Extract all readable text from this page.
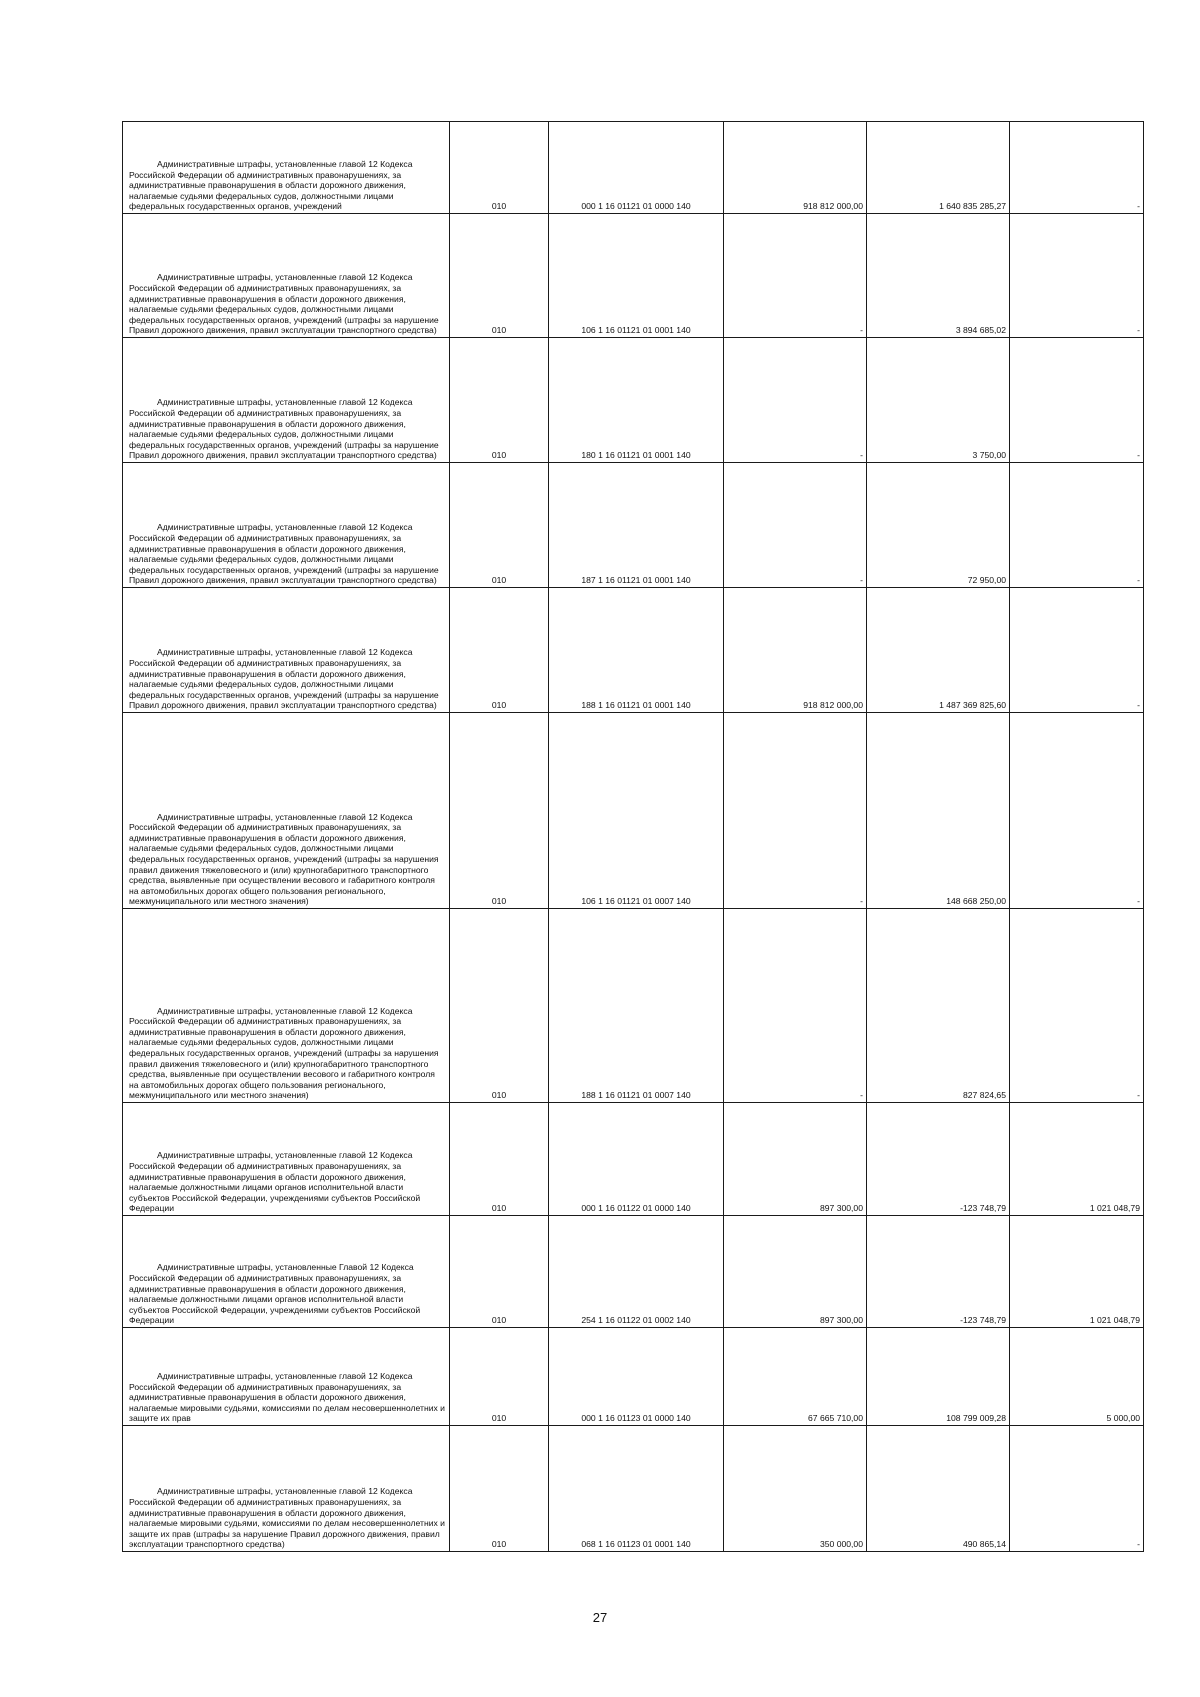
Административные штрафы, установленные главой 12 Кодекса Российской Федерации об административных правонарушениях, за административные правонарушения в области дорожного движения, налагаемые судьями федеральных судов, должностными лицами федеральных государственных органов, учреждений	010	000 1 16 01121 01 0000 140	918 812 000,00	1 640 835 285,27	-

Административные штрафы, установленные главой 12 Кодекса Российской Федерации об административных правонарушениях, за административные правонарушения в области дорожного движения, налагаемые судьями федеральных судов, должностными лицами федеральных государственных органов, учреждений (штрафы за нарушение Правил дорожного движения, правил эксплуатации транспортного средства)	010	106 1 16 01121 01 0001 140	-	3 894 685,02	-

Административные штрафы, установленные главой 12 Кодекса Российской Федерации об административных правонарушениях, за административные правонарушения в области дорожного движения, налагаемые судьями федеральных судов, должностными лицами федеральных государственных органов, учреждений (штрафы за нарушение Правил дорожного движения, правил эксплуатации транспортного средства)	010	180 1 16 01121 01 0001 140	-	3 750,00	-

Административные штрафы, установленные главой 12 Кодекса Российской Федерации об административных правонарушениях, за административные правонарушения в области дорожного движения, налагаемые судьями федеральных судов, должностными лицами федеральных государственных органов, учреждений (штрафы за нарушение Правил дорожного движения, правил эксплуатации транспортного средства)	010	187 1 16 01121 01 0001 140	-	72 950,00	-

Административные штрафы, установленные главой 12 Кодекса Российской Федерации об административных правонарушениях, за административные правонарушения в области дорожного движения, налагаемые судьями федеральных судов, должностными лицами федеральных государственных органов, учреждений (штрафы за нарушение Правил дорожного движения, правил эксплуатации транспортного средства)	010	188 1 16 01121 01 0001 140	918 812 000,00	1 487 369 825,60	-

Административные штрафы, установленные главой 12 Кодекса Российской Федерации об административных правонарушениях, за административные правонарушения в области дорожного движения, налагаемые судьями федеральных судов, должностными лицами федеральных государственных органов, учреждений (штрафы за нарушения правил движения тяжеловесного и (или) крупногабаритного транспортного средства, выявленные при осуществлении весового и габаритного контроля на автомобильных дорогах общего пользования регионального, межмуниципального или местного значения)	010	106 1 16 01121 01 0007 140	-	148 668 250,00	-

Административные штрафы, установленные главой 12 Кодекса Российской Федерации об административных правонарушениях, за административные правонарушения в области дорожного движения, налагаемые судьями федеральных судов, должностными лицами федеральных государственных органов, учреждений (штрафы за нарушения правил движения тяжеловесного и (или) крупногабаритного транспортного средства, выявленные при осуществлении весового и габаритного контроля на автомобильных дорогах общего пользования регионального, межмуниципального или местного значения)	010	188 1 16 01121 01 0007 140	-	827 824,65	-

Административные штрафы, установленные главой 12 Кодекса Российской Федерации об административных правонарушениях, за административные правонарушения в области дорожного движения, налагаемые должностными лицами органов исполнительной власти субъектов Российской Федерации, учреждениями субъектов Российской Федерации	010	000 1 16 01122 01 0000 140	897 300,00	-123 748,79	1 021 048,79

Административные штрафы, установленные Главой 12 Кодекса Российской Федерации об административных правонарушениях, за административные правонарушения в области дорожного движения, налагаемые должностными лицами органов исполнительной власти субъектов Российской Федерации, учреждениями субъектов Российской Федерации	010	254 1 16 01122 01 0002 140	897 300,00	-123 748,79	1 021 048,79

Административные штрафы, установленные главой 12 Кодекса Российской Федерации об административных правонарушениях, за административные правонарушения в области дорожного движения, налагаемые мировыми судьями, комиссиями по делам несовершеннолетних и защите их прав	010	000 1 16 01123 01 0000 140	67 665 710,00	108 799 009,28	5 000,00

Административные штрафы, установленные главой 12 Кодекса Российской Федерации об административных правонарушениях, за административные правонарушения в области дорожного движения, налагаемые мировыми судьями, комиссиями по делам несовершеннолетних и защите их прав (штрафы за нарушение Правил дорожного движения, правил эксплуатации транспортного средства)	010	068 1 16 01123 01 0001 140	350 000,00	490 865,14	-
27
